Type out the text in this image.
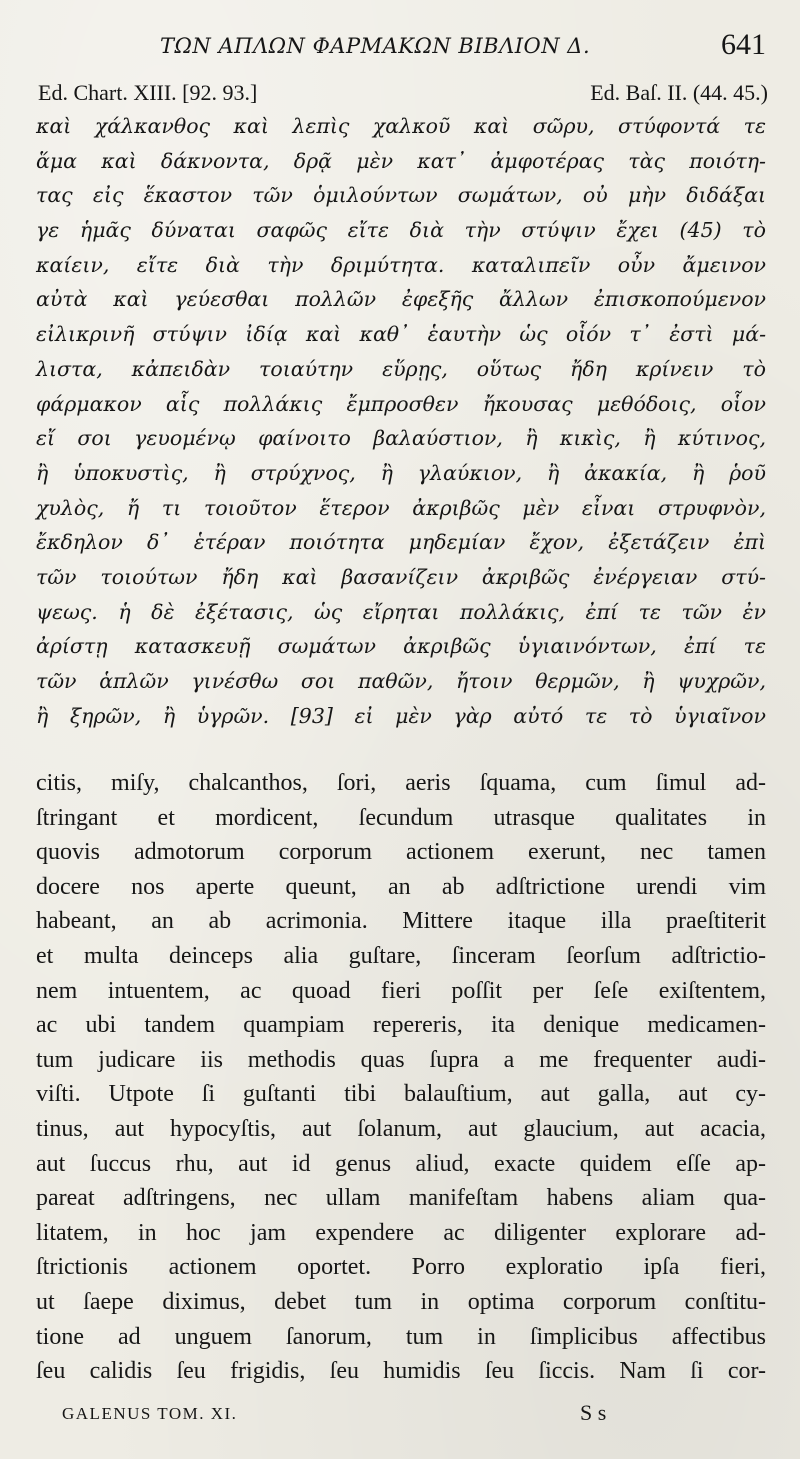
ΤΩΝ ΑΠΛΩΝ ΦΑΡΜΑΚΩΝ ΒΙΒΛΙΟΝ Δ.	641
Ed. Chart. XIII. [92. 93.]	Ed. Baſ. II. (44. 45.)
καὶ χάλκανθος καὶ λεπὶς χαλκοῦ καὶ σῶρυ, στύφοντά τε
ἅμα καὶ δάκνοντα, δρᾷ μὲν κατ᾽ ἀμφοτέρας τὰς ποιότη-
τας εἰς ἕκαστον τῶν ὁμιλούντων σωμάτων, οὐ μὴν διδάξαι
γε ἡμᾶς δύναται σαφῶς εἴτε διὰ τὴν στύψιν ἔχει (45) τὸ
καίειν, εἴτε διὰ τὴν δριμύτητα. καταλιπεῖν οὖν ἄμεινον
αὐτὰ καὶ γεύεσθαι πολλῶν ἐφεξῆς ἄλλων ἐπισκοπούμενον
εἰλικρινῆ στύψιν ἰδίᾳ καὶ καθ᾽ ἑαυτὴν ὡς οἷόν τ᾽ ἐστὶ μά-
λιστα, κἀπειδὰν τοιαύτην εὕρῃς, οὕτως ἤδη κρίνειν τὸ
φάρμακον αἷς πολλάκις ἔμπροσθεν ἤκουσας μεθόδοις, οἷον
εἴ σοι γευομένῳ φαίνοιτο βαλαύστιον, ἢ κικὶς, ἢ κύτινος,
ἢ ὑποκυστὶς, ἢ στρύχνος, ἢ γλαύκιον, ἢ ἀκακία, ἢ ῥοῦ
χυλὸς, ἤ τι τοιοῦτον ἕτερον ἀκριβῶς μὲν εἶναι στρυφνὸν,
ἔκδηλον δ᾽ ἑτέραν ποιότητα μηδεμίαν ἔχον, ἐξετάζειν ἐπὶ
τῶν τοιούτων ἤδη καὶ βασανίζειν ἀκριβῶς ἐνέργειαν στύ-
ψεως. ἡ δὲ ἐξέτασις, ὡς εἴρηται πολλάκις, ἐπί τε τῶν ἐν
ἀρίστῃ κατασκευῇ σωμάτων ἀκριβῶς ὑγιαινόντων, ἐπί τε
τῶν ἁπλῶν γινέσθω σοι παθῶν, ἤτοιν θερμῶν, ἢ ψυχρῶν,
ἢ ξηρῶν, ἢ ὑγρῶν. [93] εἰ μὲν γὰρ αὐτό τε τὸ ὑγιαῖνον
citis, miſy, chalcanthos, ſori, aeris ſquama, cum ſimul ad-
ſtringant et mordicent, ſecundum utrasque qualitates in
quovis admotorum corporum actionem exerunt, nec tamen
docere nos aperte queunt, an ab adſtrictione urendi vim
habeant, an ab acrimonia. Mittere itaque illa praeſtiterit
et multa deinceps alia guſtare, ſinceram ſeorſum adſtrictio-
nem intuentem, ac quoad fieri poſſit per ſeſe exiſtentem,
ac ubi tandem quampiam repereris, ita denique medicamen-
tum judicare iis methodis quas ſupra a me frequenter audi-
viſti. Utpote ſi guſtanti tibi balauſtium, aut galla, aut cy-
tinus, aut hypocyſtis, aut ſolanum, aut glaucium, aut acacia,
aut ſuccus rhu, aut id genus aliud, exacte quidem eſſe ap-
pareat adſtringens, nec ullam manifeſtam habens aliam qua-
litatem, in hoc jam expendere ac diligenter explorare ad-
ſtrictionis actionem oportet. Porro exploratio ipſa fieri,
ut ſaepe diximus, debet tum in optima corporum conſtitu-
tione ad unguem ſanorum, tum in ſimplicibus affectibus
ſeu calidis ſeu frigidis, ſeu humidis ſeu ſiccis. Nam ſi cor-
GALENUS TOM. XI.	S s
